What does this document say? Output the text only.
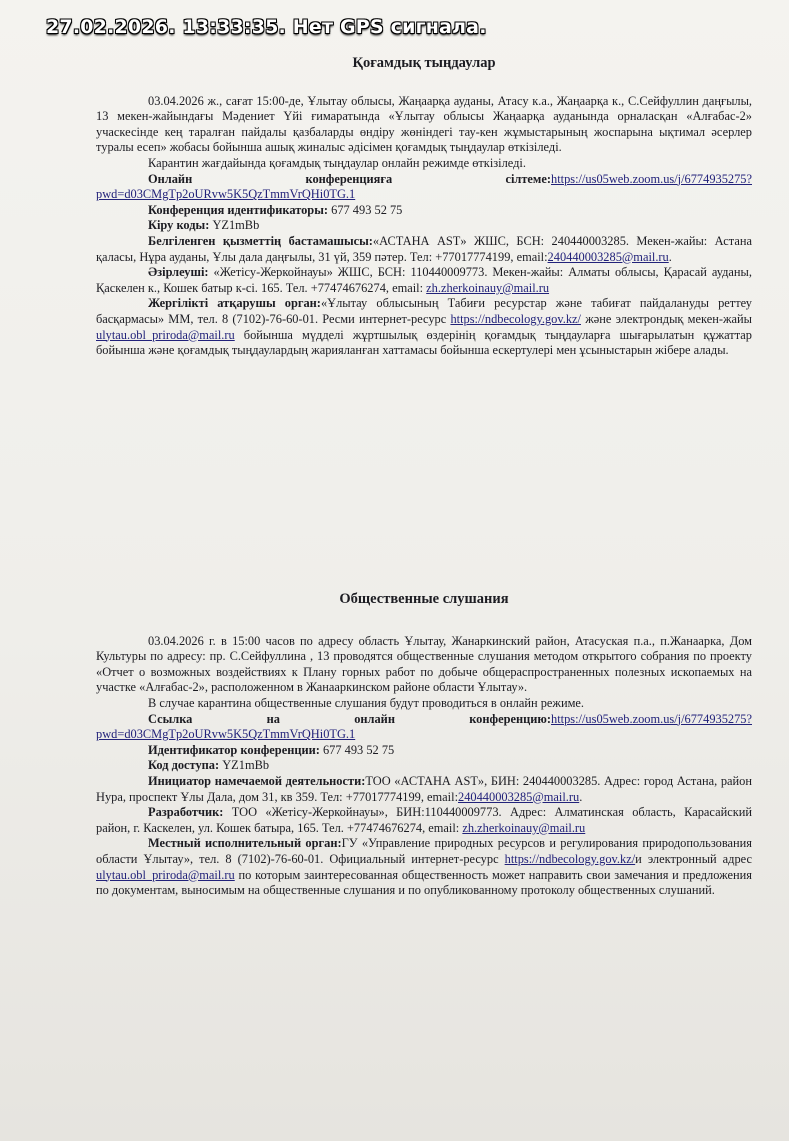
27.02.2026. 13:33:35. Нет GPS сигнала.
Қоғамдық тыңдаулар

03.04.2026 ж., сағат 15:00-де, Ұлытау облысы, Жаңаарқа ауданы, Атасу к.а., Жаңаарқа к., С.Сейфуллин даңғылы, 13 мекен-жайындағы Мәдениет Үйі ғимаратында «Ұлытау облысы Жаңаарқа ауданында орналасқан «Алғабас-2» учаскесінде кең таралған пайдалы қазбаларды өндіру жөніндегі тау-кен жұмыстарының жоспарына ықтимал әсерлер туралы есеп» жобасы бойынша ашық жиналыс әдісімен қоғамдық тыңдаулар өткізіледі.

Карантин жағдайында қоғамдық тыңдаулар онлайн режимде өткізіледі.

Онлайн конференцияға сілтеме:https://us05web.zoom.us/j/6774935275?pwd=d03CMgTp2oURvw5K5QzTmmVrQHi0TG.1

Конференция идентификаторы: 677 493 52 75

Кіру коды: YZ1mBb

Белгіленген қызметтің бастамашысы:«АСТАНА AST» ЖШС, БСН: 240440003285. Мекен-жайы: Астана қаласы, Нұра ауданы, Ұлы дала даңғылы, 31 үй, 359 пәтер. Тел: +77017774199, email:240440003285@mail.ru.

Әзірлеуші: «Жетісу-Жеркойнауы» ЖШС, БСН: 110440009773. Мекен-жайы: Алматы облысы, Қарасай ауданы, Қаскелен к., Кошек батыр к-сі. 165. Тел. +77474676274, email: zh.zherkoinauy@mail.ru

Жергілікті атқарушы орган:«Ұлытау облысының Табиғи ресурстар және табиғат пайдалануды реттеу басқармасы» ММ, тел. 8 (7102)-76-60-01. Ресми интернет-ресурс https://ndbecology.gov.kz/ және электрондық мекен-жайы ulytau.obl_priroda@mail.ru бойынша мүдделі жұртшылық өздерінің қоғамдық тыңдауларға шығарылатын құжаттар бойынша және қоғамдық тыңдаулардың жарияланған хаттамасы бойынша ескертулері мен ұсыныстарын жібере алады.

Общественные слушания

03.04.2026 г. в 15:00 часов по адресу область Ұлытау, Жанаркинский район, Атасуская п.а., п.Жанаарка, Дом Культуры по адресу: пр. С.Сейфуллина , 13 проводятся общественные слушания методом открытого собрания по проекту «Отчет о возможных воздействиях к Плану горных работ по добыче общераспространенных полезных ископаемых на участке «Алғабас-2», расположенном в Жанааркинском районе области Ұлытау».

В случае карантина общественные слушания будут проводиться в онлайн режиме.

Ссылка на онлайн конференцию:https://us05web.zoom.us/j/6774935275?pwd=d03CMgTp2oURvw5K5QzTmmVrQHi0TG.1

Идентификатор конференции: 677 493 52 75

Код доступа: YZ1mBb

Инициатор намечаемой деятельности:ТОО «АСТАНА AST», БИН: 240440003285. Адрес: город Астана, район Нура, проспект Ұлы Дала, дом 31, кв 359. Тел: +77017774199, email:240440003285@mail.ru.

Разработчик: ТОО «Жетісу-Жеркойнауы», БИН:110440009773. Адрес: Алматинская область, Карасайский район, г. Каскелен, ул. Кошек батыра, 165. Тел. +77474676274, email: zh.zherkoinauy@mail.ru

Местный исполнительный орган:ГУ «Управление природных ресурсов и регулирования природопользования области Ұлытау», тел. 8 (7102)-76-60-01. Официальный интернет-ресурс https://ndbecology.gov.kz/и электронный адрес ulytau.obl_priroda@mail.ru по которым заинтересованная общественность может направить свои замечания и предложения по документам, выносимым на общественные слушания и по опубликованному протоколу общественных слушаний.
